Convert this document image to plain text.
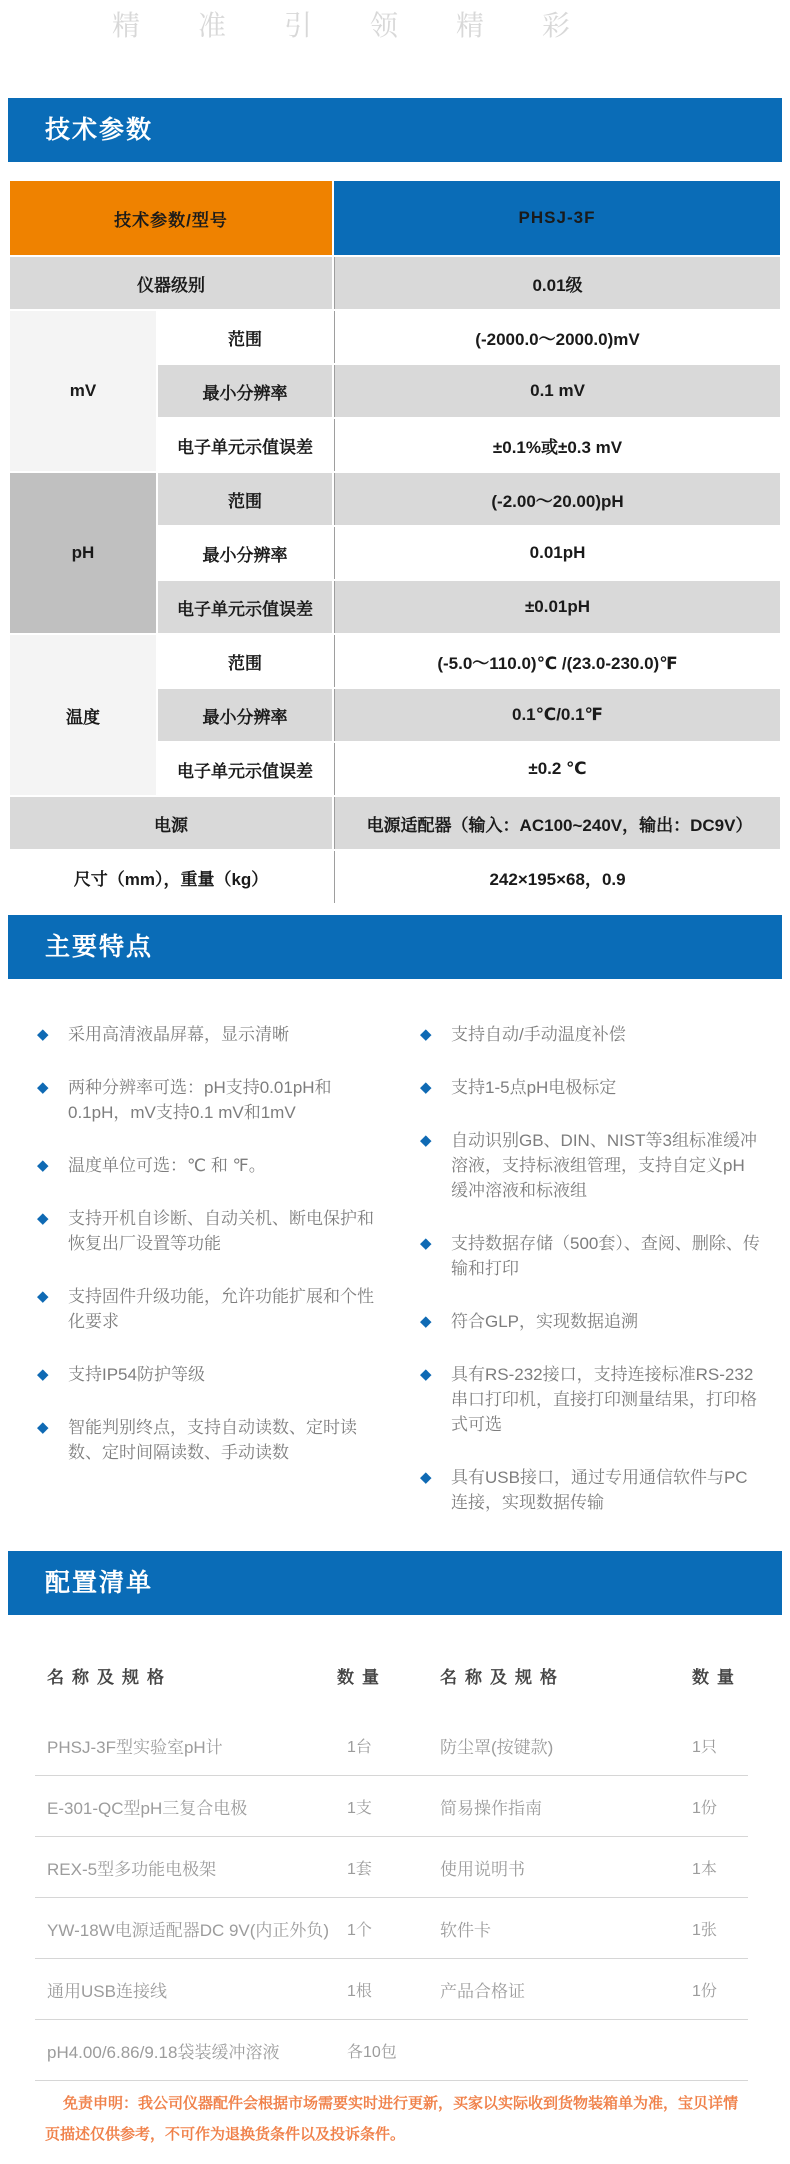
精准引领精彩
技术参数
技术参数/型号		PHSJ-3F
仪器级别		0.01级
mV	范围	(-2000.0～2000.0)mV
	最小分辨率	0.1 mV
	电子单元示值误差	±0.1%或±0.3 mV
pH	范围	(-2.00～20.00)pH
	最小分辨率	0.01pH
	电子单元示值误差	±0.01pH
温度	范围	(-5.0～110.0)℃ /(23.0-230.0)℉
	最小分辨率	0.1℃/0.1℉
	电子单元示值误差	±0.2 ℃
电源		电源适配器（输入：AC100~240V，输出：DC9V）
尺寸（mm），重量（kg）		242×195×68，0.9
主要特点
◆ 采用高清液晶屏幕，显示清晰
◆ 两种分辨率可选：pH支持0.01pH和0.1pH，mV支持0.1 mV和1mV
◆ 温度单位可选：℃ 和 ℉。
◆ 支持开机自诊断、自动关机、断电保护和恢复出厂设置等功能
◆ 支持固件升级功能，允许功能扩展和个性化要求
◆ 支持IP54防护等级
◆ 智能判别终点，支持自动读数、定时读数、定时间隔读数、手动读数
◆ 支持自动/手动温度补偿
◆ 支持1-5点pH电极标定
◆ 自动识别GB、DIN、NIST等3组标准缓冲溶液，支持标液组管理，支持自定义pH缓冲溶液和标液组
◆ 支持数据存储（500套）、查阅、删除、传输和打印
◆ 符合GLP，实现数据追溯
◆ 具有RS-232接口，支持连接标准RS-232串口打印机，直接打印测量结果，打印格式可选
◆ 具有USB接口，通过专用通信软件与PC连接，实现数据传输
配置清单
名称及规格	数量	名称及规格	数量
PHSJ-3F型实验室pH计	1台	防尘罩(按键款)	1只
E-301-QC型pH三复合电极	1支	简易操作指南	1份
REX-5型多功能电极架	1套	使用说明书	1本
YW-18W电源适配器DC 9V(内正外负)	1个	软件卡	1张
通用USB连接线	1根	产品合格证	1份
pH4.00/6.86/9.18袋装缓冲溶液	各10包
免责申明：我公司仪器配件会根据市场需要实时进行更新，买家以实际收到货物装箱单为准，宝贝详情页描述仅供参考，不可作为退换货条件以及投诉条件。
